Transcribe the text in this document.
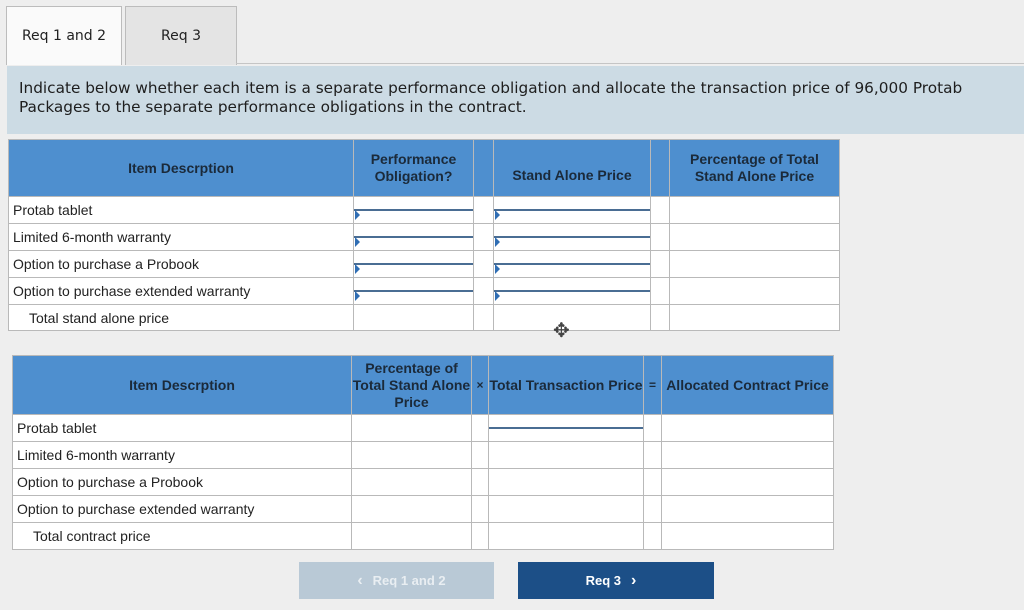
Req 1 and 2	Req 3
Indicate below whether each item is a separate performance obligation and allocate the transaction price of 96,000 Protab Packages to the separate performance obligations in the contract.
Item Descrption	Performance Obligation?		Stand Alone Price		Percentage of Total Stand Alone Price
Protab tablet	

Limited 6-month warranty	

Option to purchase a Probook	

Option to purchase extended warranty	

Total stand alone price					
✥
Item Descrption	Percentage of Total Stand Alone Price	×	Total Transaction Price	=	Allocated Contract Price
Protab tablet			

Limited 6-month warranty					
Option to purchase a Probook					
Option to purchase extended warranty					
Total contract price					
‹ Req 1 and 2	Req 3 ›
